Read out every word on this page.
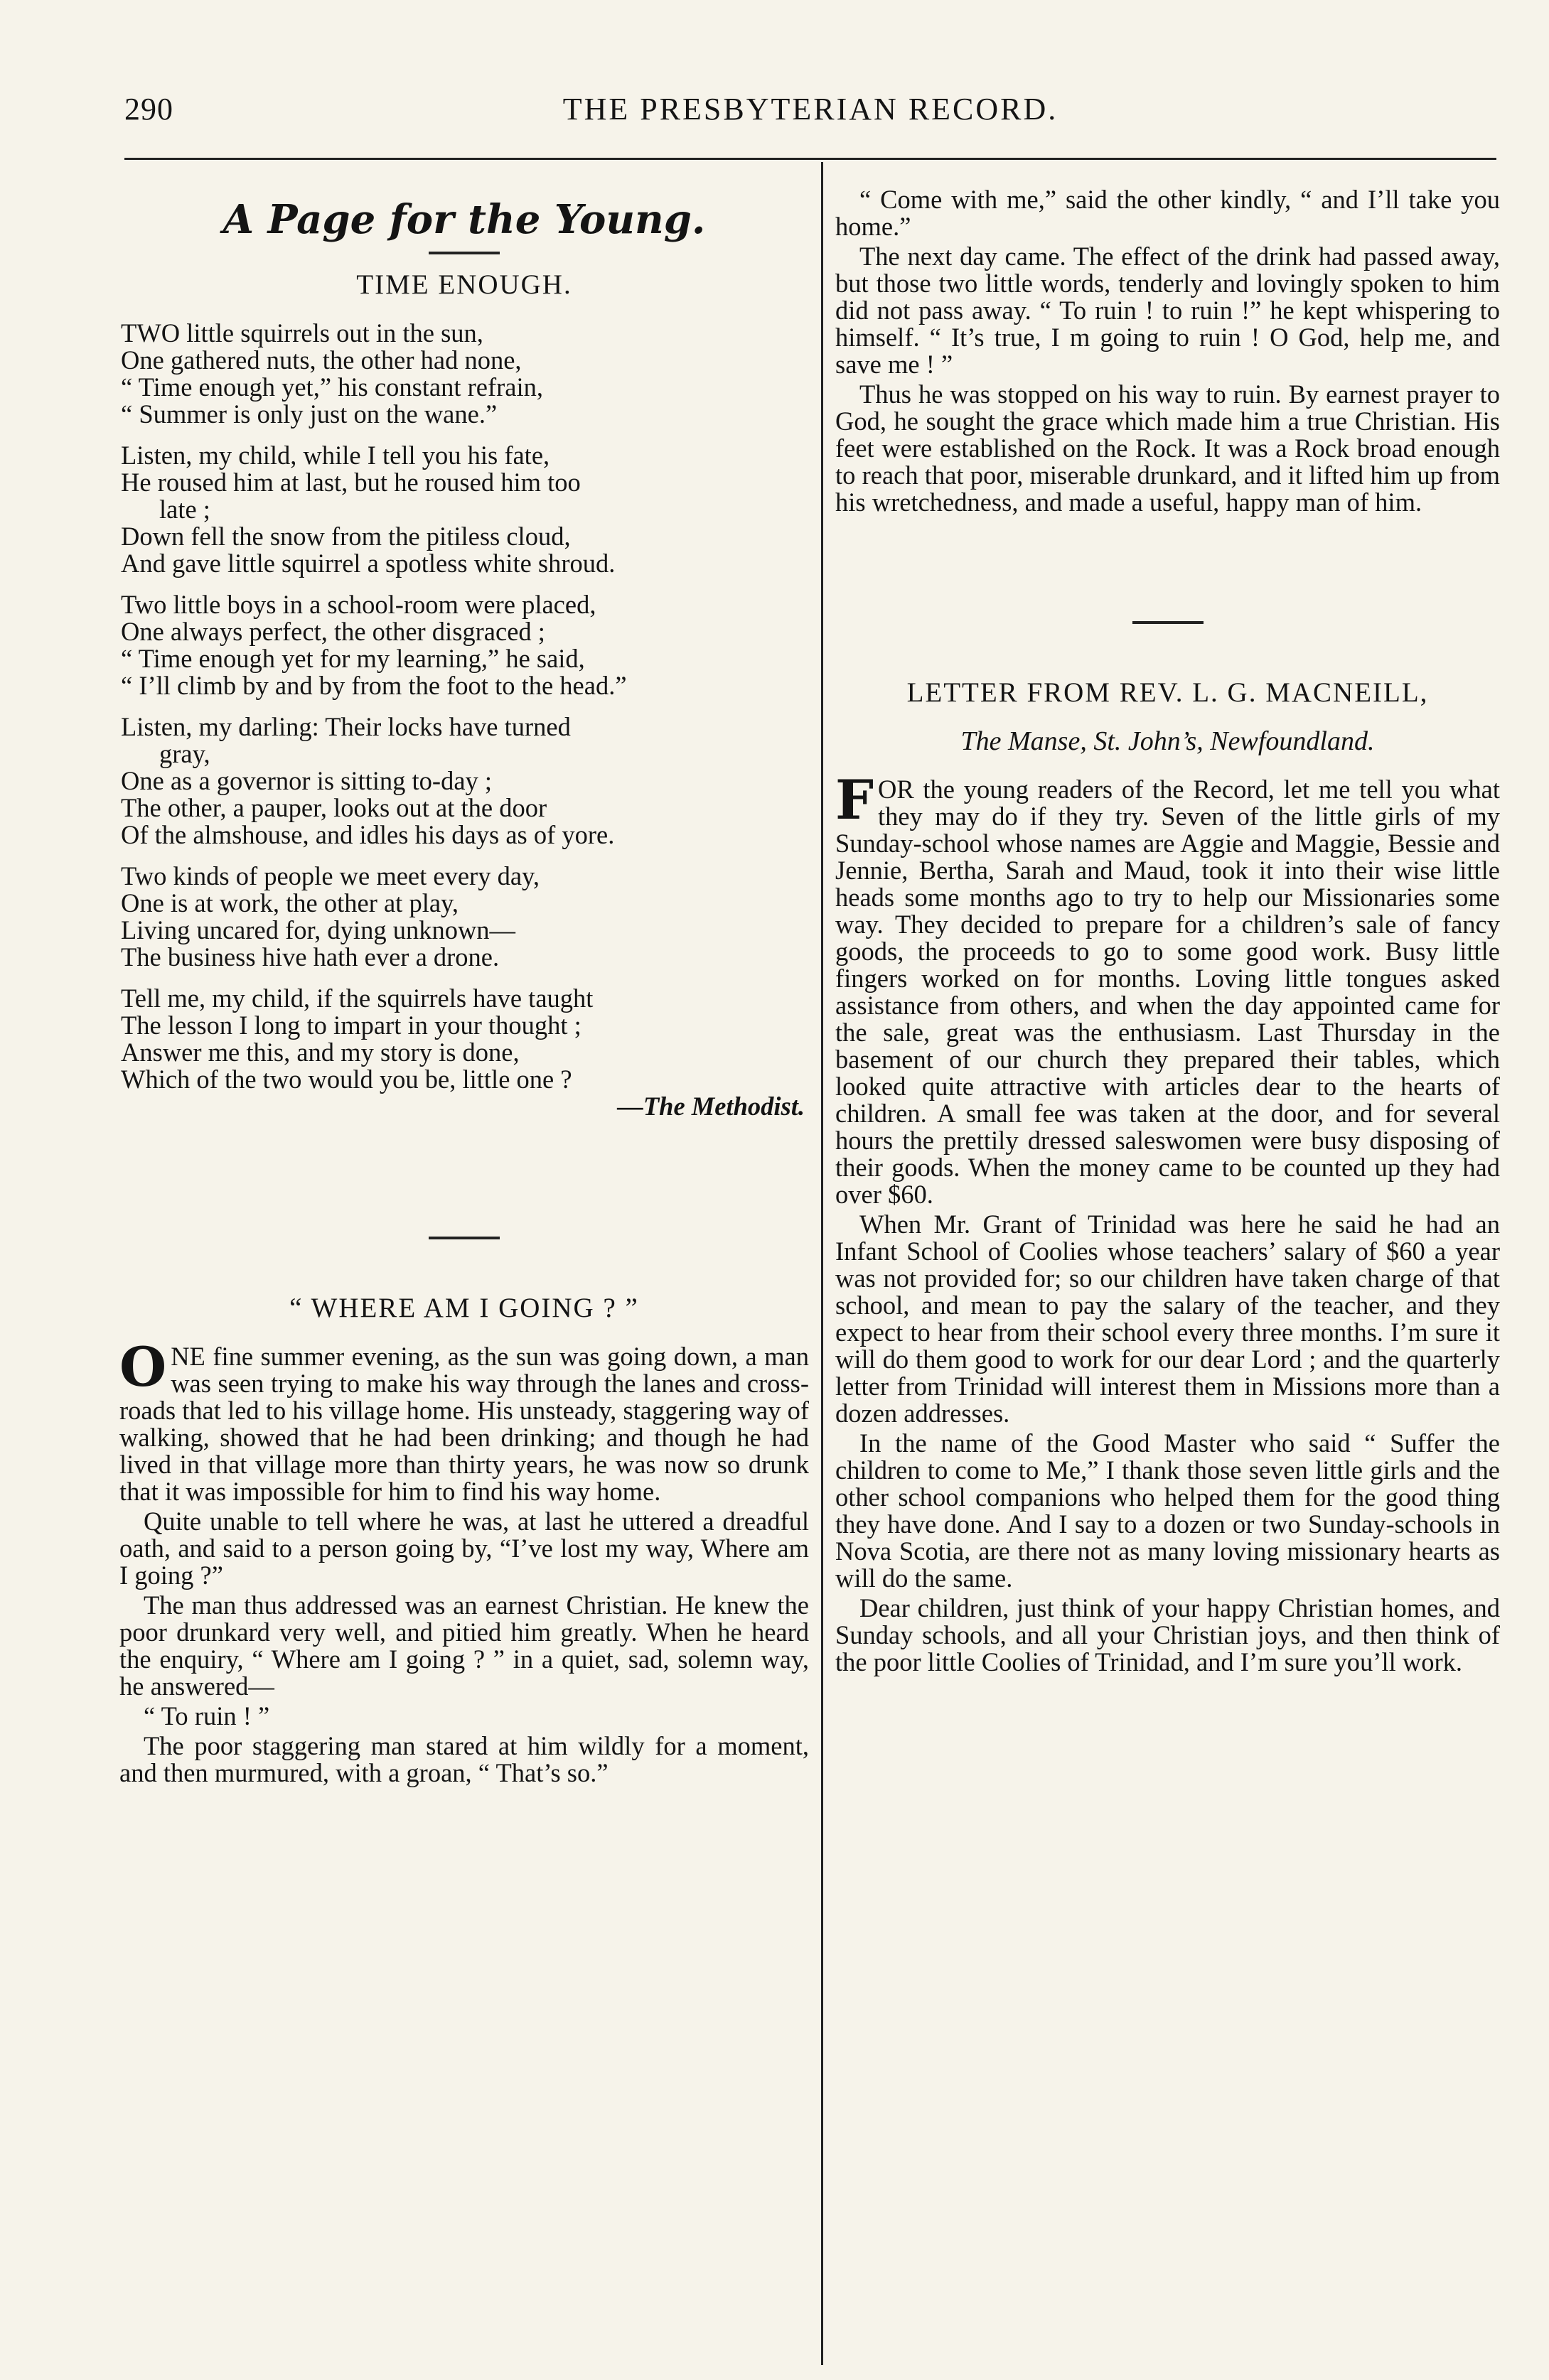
290	THE PRESBYTERIAN RECORD.
A Page for the Young.
TIME ENOUGH.
TWO little squirrels out in the sun,
One gathered nuts, the other had none,
“ Time enough yet,” his constant refrain,
“ Summer is only just on the wane.”
Listen, my child, while I tell you his fate,
He roused him at last, but he roused him too
late ;
Down fell the snow from the pitiless cloud,
And gave little squirrel a spotless white shroud.
Two little boys in a school-room were placed,
One always perfect, the other disgraced ;
“ Time enough yet for my learning,” he said,
“ I’ll climb by and by from the foot to the head.”
Listen, my darling: Their locks have turned
gray,
One as a governor is sitting to-day ;
The other, a pauper, looks out at the door
Of the almshouse, and idles his days as of yore.
Two kinds of people we meet every day,
One is at work, the other at play,
Living uncared for, dying unknown—
The business hive hath ever a drone.
Tell me, my child, if the squirrels have taught
The lesson I long to impart in your thought ;
Answer me this, and my story is done,
Which of the two would you be, little one ?
—The Methodist.
“ WHERE AM I GOING ? ”

ONE fine summer evening, as the sun was going down, a man was seen trying to make his way through the lanes and cross-roads that led to his village home. His unsteady, staggering way of walking, showed that he had been drinking; and though he had lived in that village more than thirty years, he was now so drunk that it was impossible for him to find his way home.

Quite unable to tell where he was, at last he uttered a dreadful oath, and said to a person going by, “I’ve lost my way, Where am I going ?”

The man thus addressed was an earnest Christian. He knew the poor drunkard very well, and pitied him greatly. When he heard the enquiry, “ Where am I going ? ” in a quiet, sad, solemn way, he answered—

“ To ruin ! ”

The poor staggering man stared at him wildly for a moment, and then murmured, with a groan, “ That’s so.”

“ Come with me,” said the other kindly, “ and I’ll take you home.”

The next day came. The effect of the drink had passed away, but those two little words, tenderly and lovingly spoken to him did not pass away. “ To ruin ! to ruin !” he kept whispering to himself. “ It’s true, I m going to ruin ! O God, help me, and save me ! ”

Thus he was stopped on his way to ruin. By earnest prayer to God, he sought the grace which made him a true Christian. His feet were established on the Rock. It was a Rock broad enough to reach that poor, miserable drunkard, and it lifted him up from his wretchedness, and made a useful, happy man of him.

LETTER FROM REV. L. G. MACNEILL,
The Manse, St. John’s, Newfoundland.

FOR the young readers of the Record, let me tell you what they may do if they try. Seven of the little girls of my Sunday-school whose names are Aggie and Maggie, Bessie and Jennie, Bertha, Sarah and Maud, took it into their wise little heads some months ago to try to help our Missionaries some way. They decided to prepare for a children’s sale of fancy goods, the proceeds to go to some good work. Busy little fingers worked on for months. Loving little tongues asked assistance from others, and when the day appointed came for the sale, great was the enthusiasm. Last Thursday in the basement of our church they prepared their tables, which looked quite attractive with articles dear to the hearts of children. A small fee was taken at the door, and for several hours the prettily dressed saleswomen were busy disposing of their goods. When the money came to be counted up they had over $60.

When Mr. Grant of Trinidad was here he said he had an Infant School of Coolies whose teachers’ salary of $60 a year was not provided for; so our children have taken charge of that school, and mean to pay the salary of the teacher, and they expect to hear from their school every three months. I’m sure it will do them good to work for our dear Lord ; and the quarterly letter from Trinidad will interest them in Missions more than a dozen addresses.

In the name of the Good Master who said “ Suffer the children to come to Me,” I thank those seven little girls and the other school companions who helped them for the good thing they have done. And I say to a dozen or two Sunday-schools in Nova Scotia, are there not as many loving missionary hearts as will do the same.

Dear children, just think of your happy Christian homes, and Sunday schools, and all your Christian joys, and then think of the poor little Coolies of Trinidad, and I’m sure you’ll work.
